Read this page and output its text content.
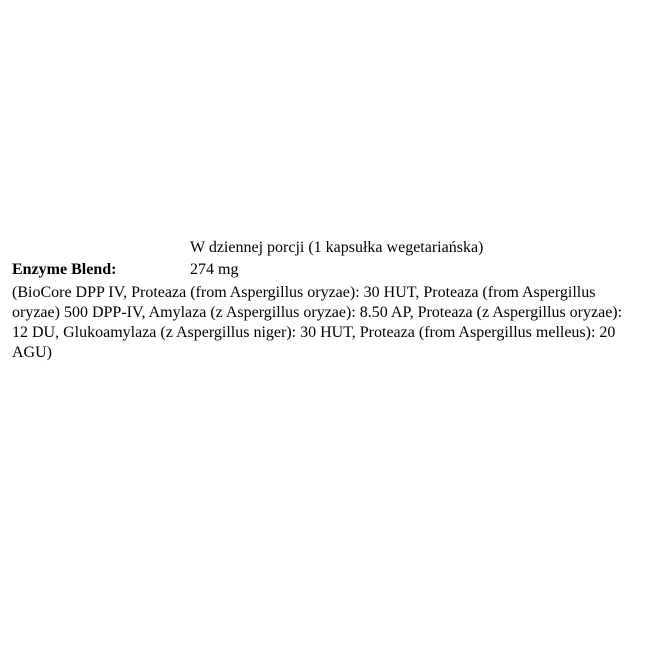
W dziennej porcji (1 kapsułka wegetariańska)
Enzyme Blend:	274 mg
(BioCore DPP IV, Proteaza (from Aspergillus oryzae): 30 HUT, Proteaza (from Aspergillus oryzae) 500 DPP-IV, Amylaza (z Aspergillus oryzae): 8.50 AP, Proteaza (z Aspergillus oryzae): 12 DU, Glukoamylaza (z Aspergillus niger): 30 HUT, Proteaza (from Aspergillus melleus): 20 AGU)
